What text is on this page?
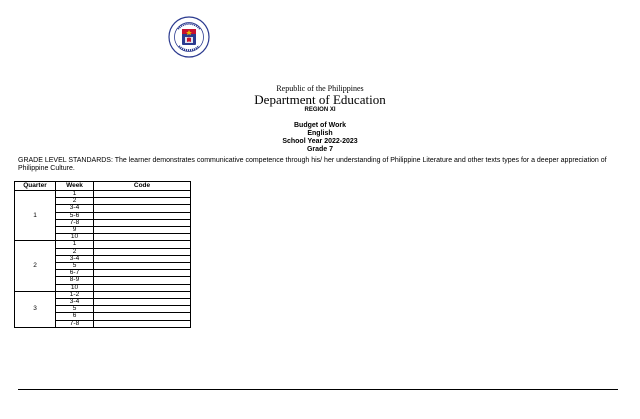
Republic of the Philippines
Department of Education
REGION XI
Budget of Work
English
School Year 2022-2023
Grade 7
GRADE LEVEL STANDARDS: The learner demonstrates communicative competence through his/ her understanding of Philippine Literature and other texts types for a deeper appreciation of Philippine Culture.
Quarter	Week	Code
1	1	
	2	
	3-4	
	5-6	
	7-8	
	9	
	10	
2	1	
	2	
	3-4	
	5	
	6-7	
	8-9	
	10	
3	1-2	
	3-4	
	5	
	6	
	7-8	
